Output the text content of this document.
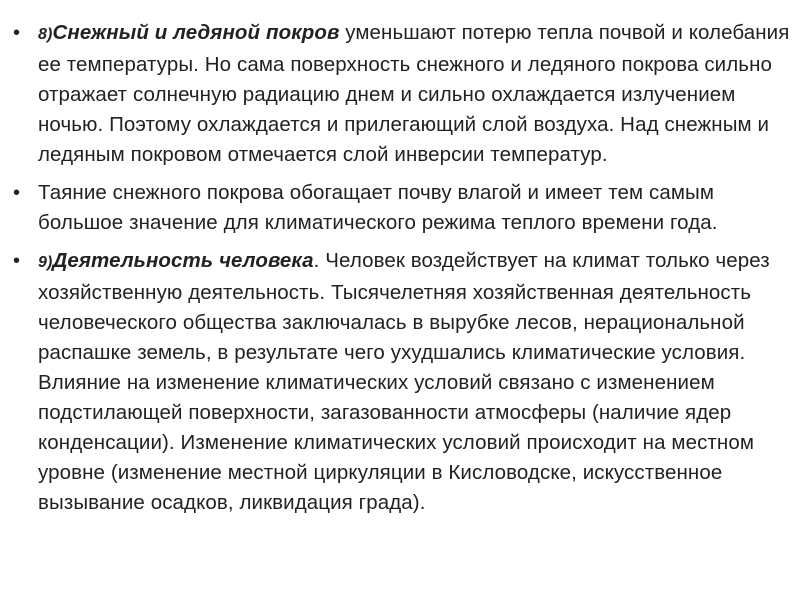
• 8)Снежный и ледяной покров уменьшают потерю тепла почвой и колебания ее температуры. Но сама поверхность снежного и ледяного покрова сильно отражает солнечную радиацию днем и сильно охлаждается излучением ночью. Поэтому охлаждается и прилегающий слой воздуха. Над снежным и ледяным покровом отмечается слой инверсии температур.
• Таяние снежного покрова обогащает почву влагой и имеет тем самым большое значение для климатического режима теплого времени года.
• 9)Деятельность человека. Человек воздействует на климат только через хозяйственную деятельность. Тысячелетняя хозяйственная деятельность человеческого общества заключалась в вырубке лесов, нерациональной распашке земель, в результате чего ухудшались климатические условия. Влияние на изменение климатических условий связано с изменением подстилающей поверхности, загазованности атмосферы (наличие ядер конденсации). Изменение климатических условий происходит на местном уровне (изменение местной циркуляции в Кисловодске, искусственное вызывание осадков, ликвидация града).
